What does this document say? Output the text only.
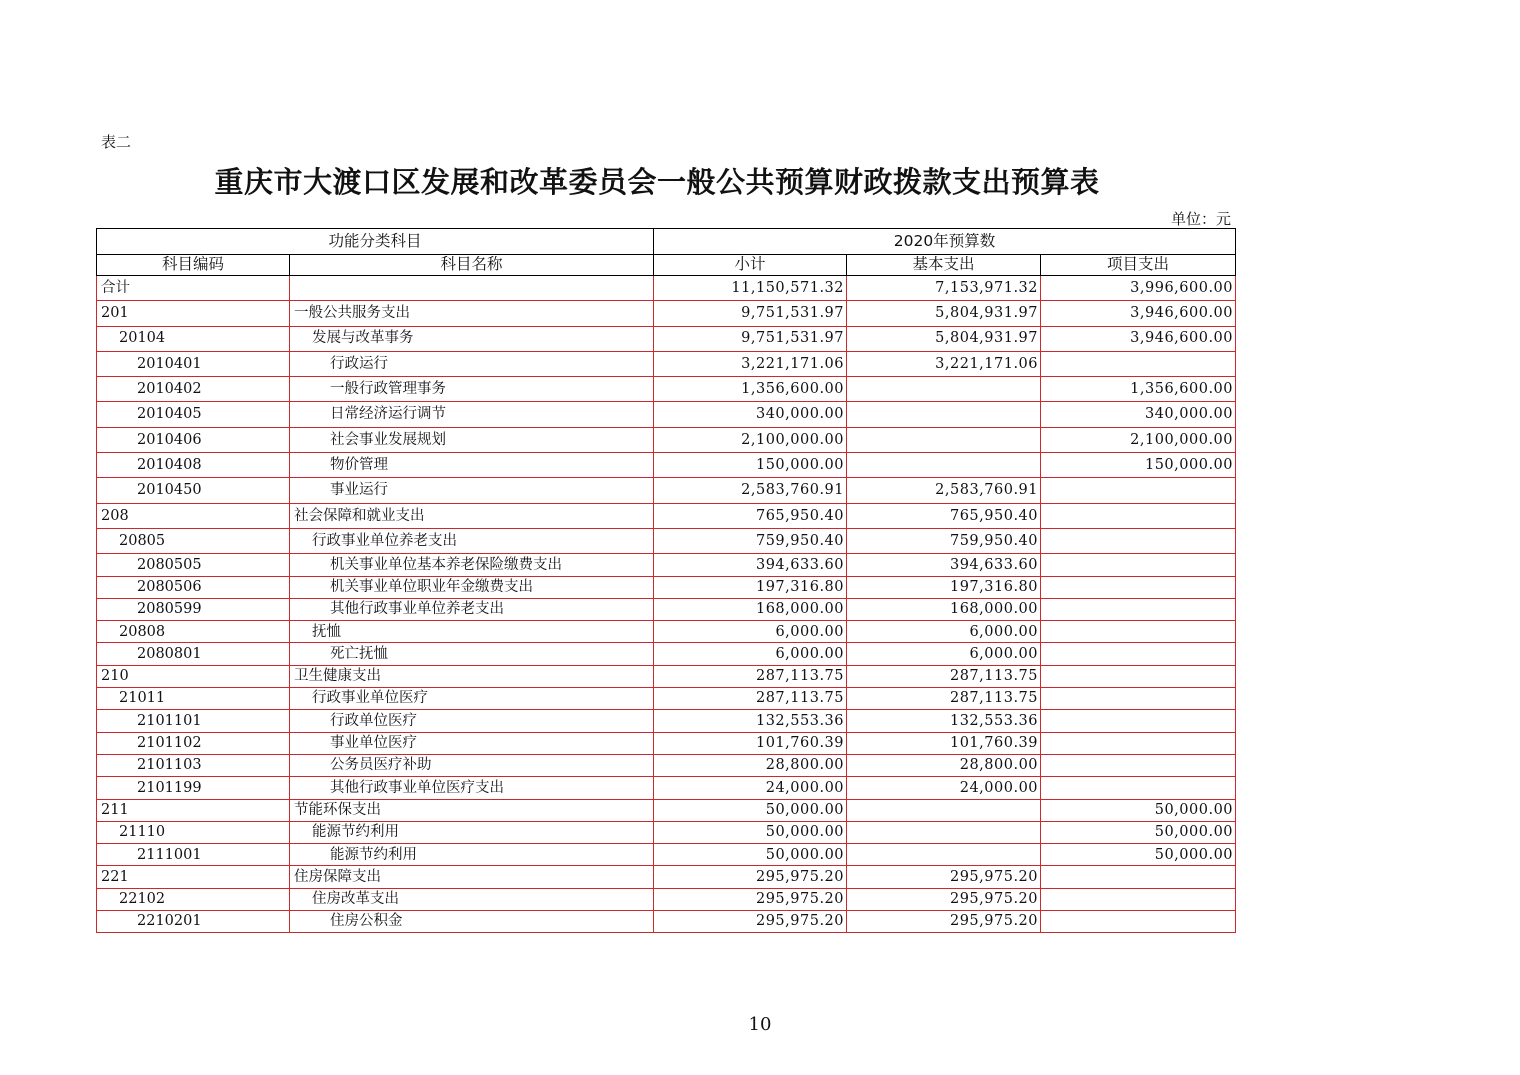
表二
重庆市大渡口区发展和改革委员会一般公共预算财政拨款支出预算表
单位：元
功能分类科目		2020年预算数		
科目编码	科目名称	小计	基本支出	项目支出
合计		11,150,571.32	7,153,971.32	3,996,600.00
201	一般公共服务支出	9,751,531.97	5,804,931.97	3,946,600.00
20104	发展与改革事务	9,751,531.97	5,804,931.97	3,946,600.00
2010401	行政运行	3,221,171.06	3,221,171.06	
2010402	一般行政管理事务	1,356,600.00		1,356,600.00
2010405	日常经济运行调节	340,000.00		340,000.00
2010406	社会事业发展规划	2,100,000.00		2,100,000.00
2010408	物价管理	150,000.00		150,000.00
2010450	事业运行	2,583,760.91	2,583,760.91	
208	社会保障和就业支出	765,950.40	765,950.40	
20805	行政事业单位养老支出	759,950.40	759,950.40	
2080505	机关事业单位基本养老保险缴费支出	394,633.60	394,633.60	
2080506	机关事业单位职业年金缴费支出	197,316.80	197,316.80	
2080599	其他行政事业单位养老支出	168,000.00	168,000.00	
20808	抚恤	6,000.00	6,000.00	
2080801	死亡抚恤	6,000.00	6,000.00	
210	卫生健康支出	287,113.75	287,113.75	
21011	行政事业单位医疗	287,113.75	287,113.75	
2101101	行政单位医疗	132,553.36	132,553.36	
2101102	事业单位医疗	101,760.39	101,760.39	
2101103	公务员医疗补助	28,800.00	28,800.00	
2101199	其他行政事业单位医疗支出	24,000.00	24,000.00	
211	节能环保支出	50,000.00		50,000.00
21110	能源节约利用	50,000.00		50,000.00
2111001	能源节约利用	50,000.00		50,000.00
221	住房保障支出	295,975.20	295,975.20	
22102	住房改革支出	295,975.20	295,975.20	
2210201	住房公积金	295,975.20	295,975.20	
10
